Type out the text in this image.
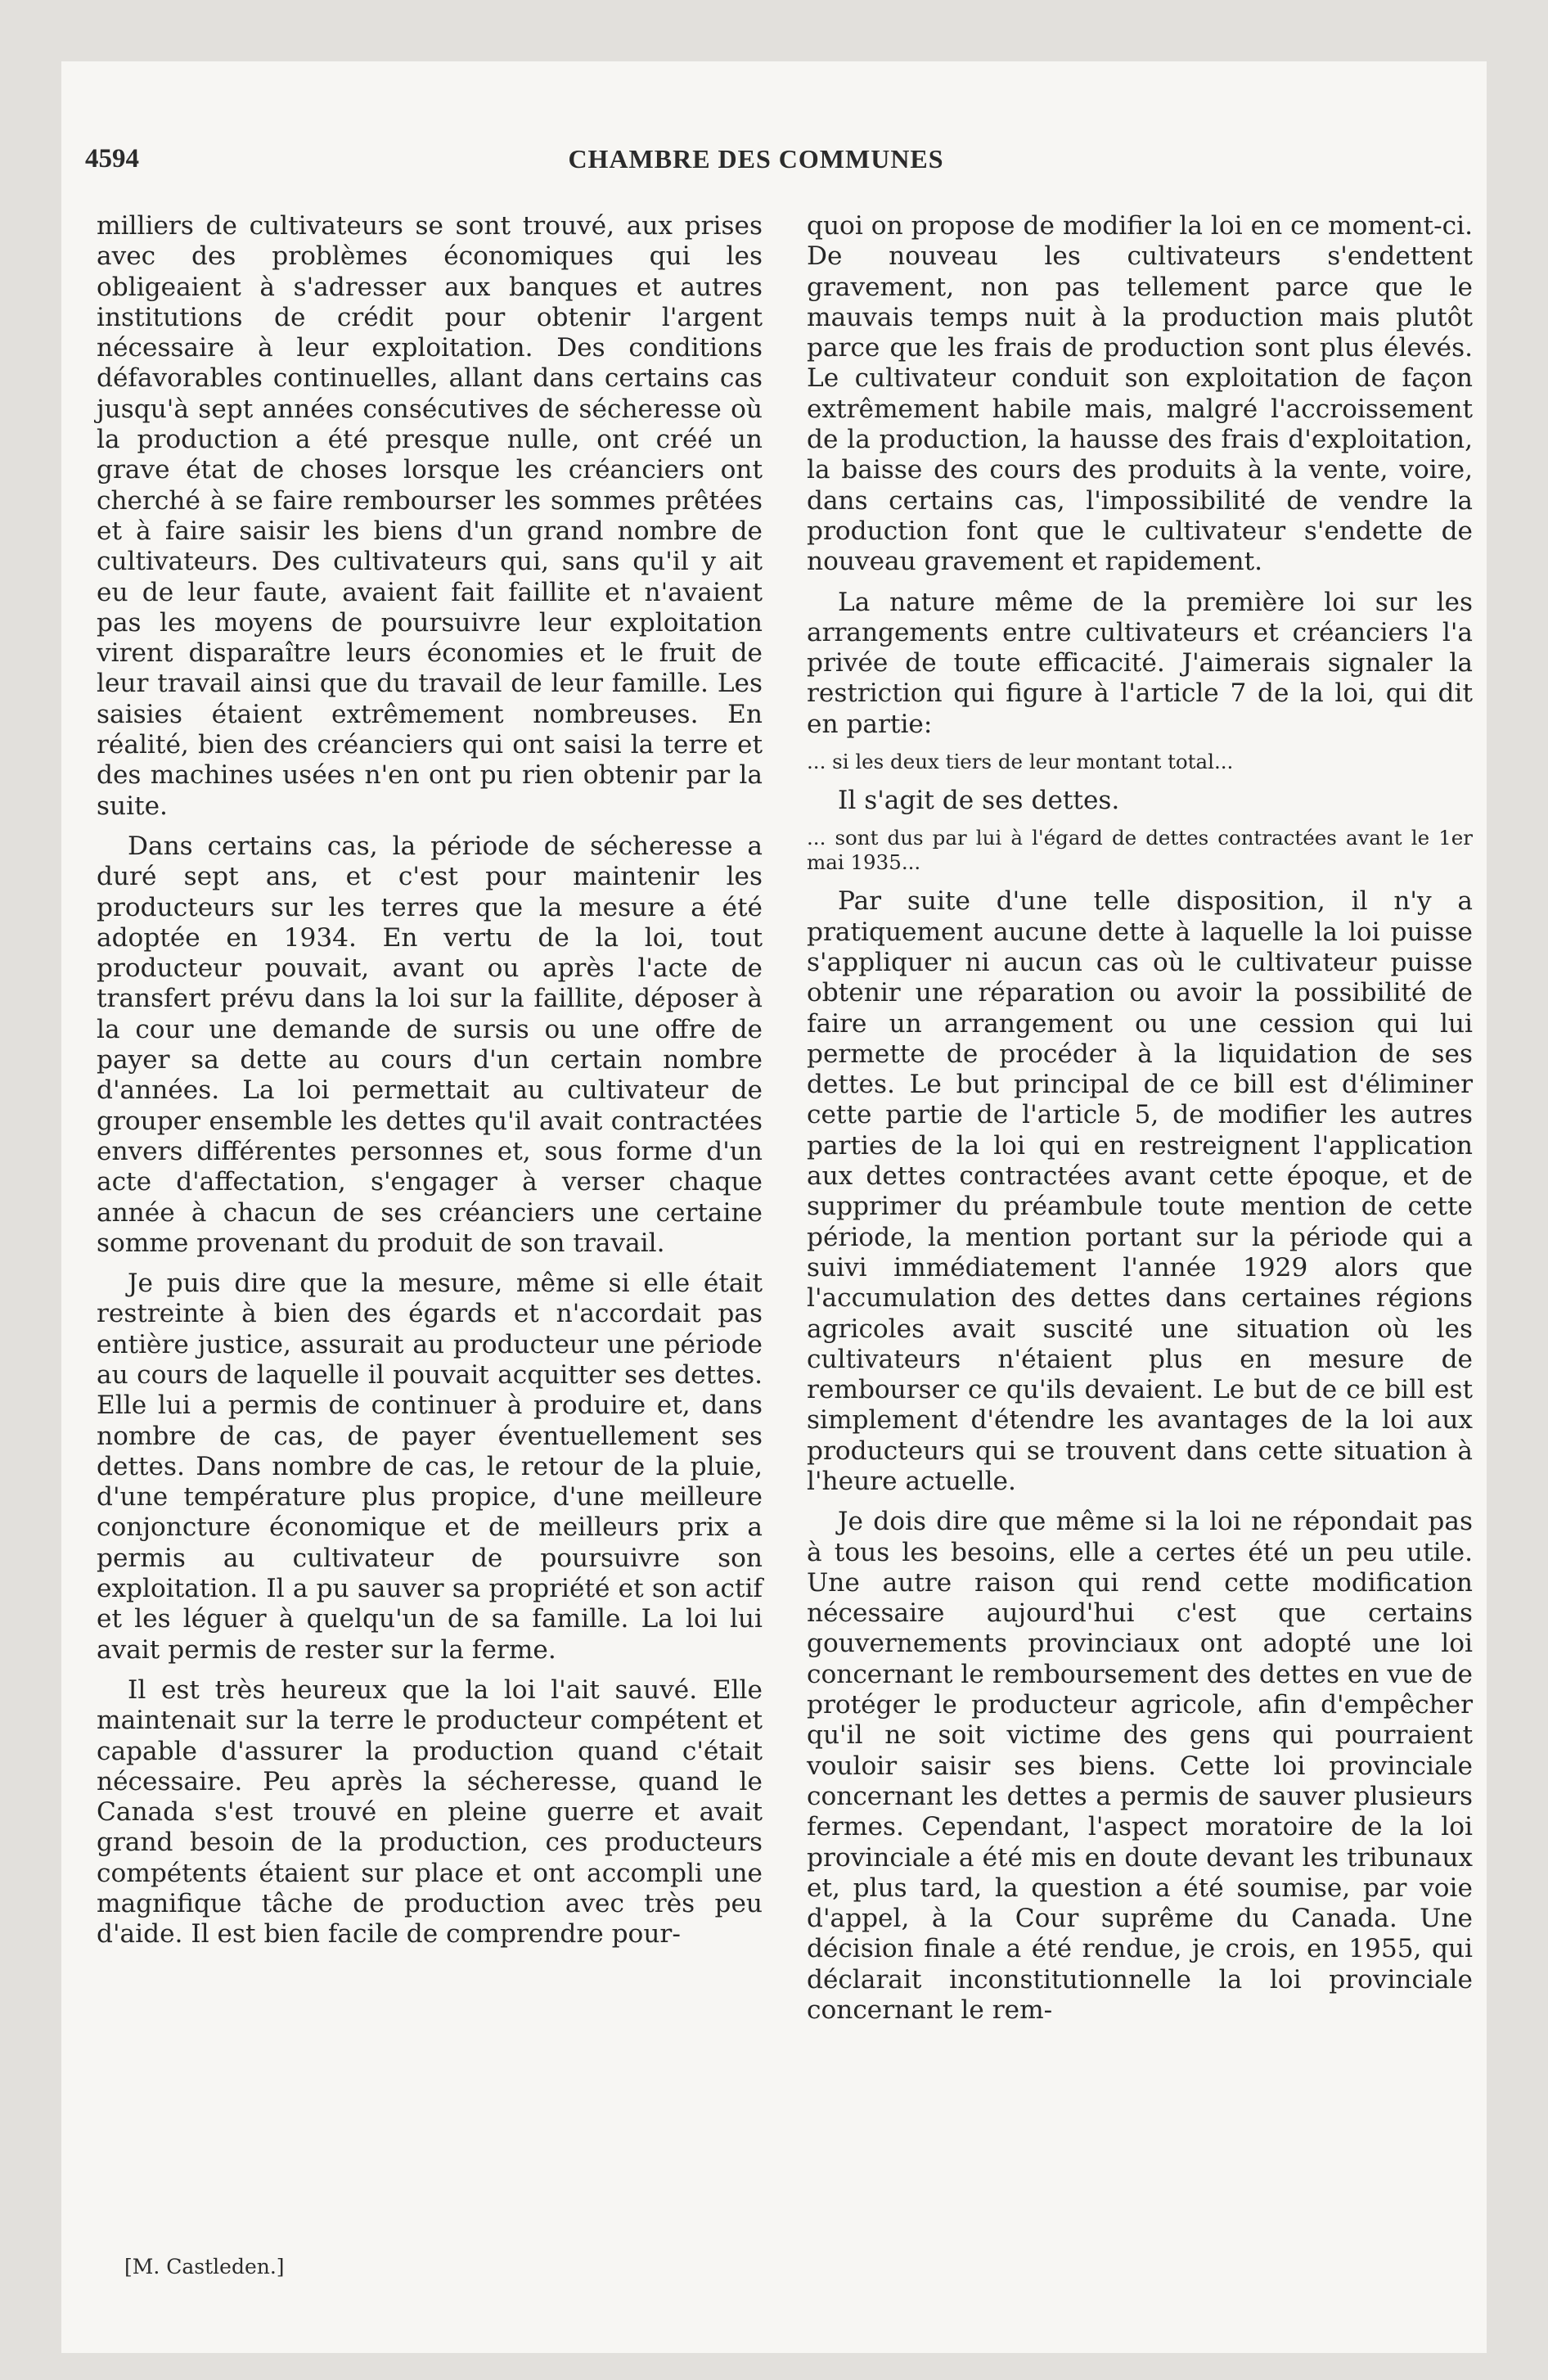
4594	CHAMBRE DES COMMUNES

milliers de cultivateurs se sont trouvé, aux prises avec des problèmes économiques qui les obligeaient à s'adresser aux banques et autres institutions de crédit pour obtenir l'argent nécessaire à leur exploitation. Des conditions défavorables continuelles, allant dans certains cas jusqu'à sept années consécutives de sécheresse où la production a été presque nulle, ont créé un grave état de choses lorsque les créanciers ont cherché à se faire rembourser les sommes prêtées et à faire saisir les biens d'un grand nombre de cultivateurs. Des cultivateurs qui, sans qu'il y ait eu de leur faute, avaient fait faillite et n'avaient pas les moyens de poursuivre leur exploitation virent disparaître leurs économies et le fruit de leur travail ainsi que du travail de leur famille. Les saisies étaient extrêmement nombreuses. En réalité, bien des créanciers qui ont saisi la terre et des machines usées n'en ont pu rien obtenir par la suite.

Dans certains cas, la période de sécheresse a duré sept ans, et c'est pour maintenir les producteurs sur les terres que la mesure a été adoptée en 1934. En vertu de la loi, tout producteur pouvait, avant ou après l'acte de transfert prévu dans la loi sur la faillite, déposer à la cour une demande de sursis ou une offre de payer sa dette au cours d'un certain nombre d'années. La loi permettait au cultivateur de grouper ensemble les dettes qu'il avait contractées envers différentes personnes et, sous forme d'un acte d'affectation, s'engager à verser chaque année à chacun de ses créanciers une certaine somme provenant du produit de son travail.

Je puis dire que la mesure, même si elle était restreinte à bien des égards et n'accordait pas entière justice, assurait au producteur une période au cours de laquelle il pouvait acquitter ses dettes. Elle lui a permis de continuer à produire et, dans nombre de cas, de payer éventuellement ses dettes. Dans nombre de cas, le retour de la pluie, d'une température plus propice, d'une meilleure conjoncture économique et de meilleurs prix a permis au cultivateur de poursuivre son exploitation. Il a pu sauver sa propriété et son actif et les léguer à quelqu'un de sa famille. La loi lui avait permis de rester sur la ferme.

Il est très heureux que la loi l'ait sauvé. Elle maintenait sur la terre le producteur compétent et capable d'assurer la production quand c'était nécessaire. Peu après la sécheresse, quand le Canada s'est trouvé en pleine guerre et avait grand besoin de la production, ces producteurs compétents étaient sur place et ont accompli une magnifique tâche de production avec très peu d'aide. Il est bien facile de comprendre pour-

quoi on propose de modifier la loi en ce moment-ci. De nouveau les cultivateurs s'endettent gravement, non pas tellement parce que le mauvais temps nuit à la production mais plutôt parce que les frais de production sont plus élevés. Le cultivateur conduit son exploitation de façon extrêmement habile mais, malgré l'accroissement de la production, la hausse des frais d'exploitation, la baisse des cours des produits à la vente, voire, dans certains cas, l'impossibilité de vendre la production font que le cultivateur s'endette de nouveau gravement et rapidement.

La nature même de la première loi sur les arrangements entre cultivateurs et créanciers l'a privée de toute efficacité. J'aimerais signaler la restriction qui figure à l'article 7 de la loi, qui dit en partie:

... si les deux tiers de leur montant total...

Il s'agit de ses dettes.

... sont dus par lui à l'égard de dettes contractées avant le 1er mai 1935...

Par suite d'une telle disposition, il n'y a pratiquement aucune dette à laquelle la loi puisse s'appliquer ni aucun cas où le cultivateur puisse obtenir une réparation ou avoir la possibilité de faire un arrangement ou une cession qui lui permette de procéder à la liquidation de ses dettes. Le but principal de ce bill est d'éliminer cette partie de l'article 5, de modifier les autres parties de la loi qui en restreignent l'application aux dettes contractées avant cette époque, et de supprimer du préambule toute mention de cette période, la mention portant sur la période qui a suivi immédiatement l'année 1929 alors que l'accumulation des dettes dans certaines régions agricoles avait suscité une situation où les cultivateurs n'étaient plus en mesure de rembourser ce qu'ils devaient. Le but de ce bill est simplement d'étendre les avantages de la loi aux producteurs qui se trouvent dans cette situation à l'heure actuelle.

Je dois dire que même si la loi ne répondait pas à tous les besoins, elle a certes été un peu utile. Une autre raison qui rend cette modification nécessaire aujourd'hui c'est que certains gouvernements provinciaux ont adopté une loi concernant le remboursement des dettes en vue de protéger le producteur agricole, afin d'empêcher qu'il ne soit victime des gens qui pourraient vouloir saisir ses biens. Cette loi provinciale concernant les dettes a permis de sauver plusieurs fermes. Cependant, l'aspect moratoire de la loi provinciale a été mis en doute devant les tribunaux et, plus tard, la question a été soumise, par voie d'appel, à la Cour suprême du Canada. Une décision finale a été rendue, je crois, en 1955, qui déclarait inconstitutionnelle la loi provinciale concernant le rem-

[M. Castleden.]
